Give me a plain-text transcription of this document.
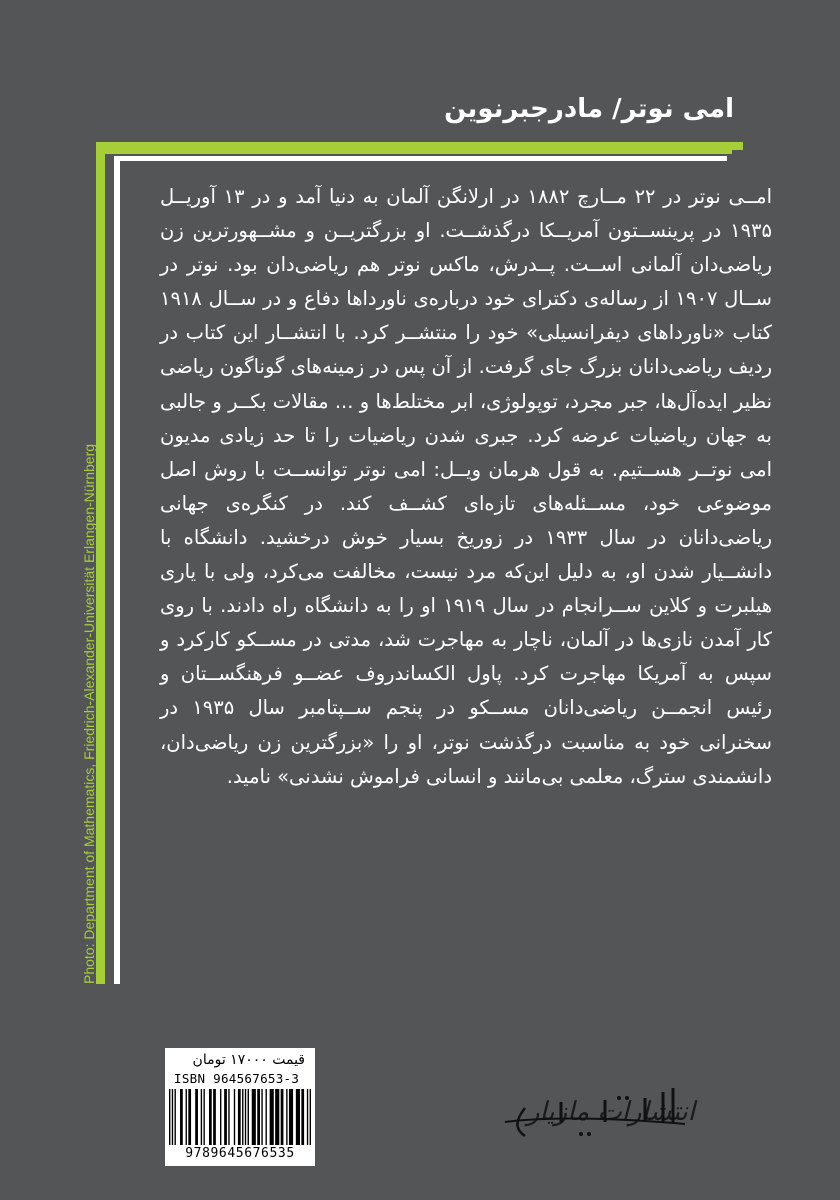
امی نوتر/ مادرجبرنوین

امــی نوتر در ۲۲ مــارچ ۱۸۸۲ در ارلانگن آلمان به دنیا آمد و در ۱۳ آوریــل ۱۹۳۵ در پرینســتون آمریــکا درگذشــت. او بزرگتریــن و مشــهورترین زن ریاضی‌دان آلمانی اســت. پــدرش، ماکس نوتر هم ریاضی‌دان بود. نوتر در ســال ۱۹۰۷ از رساله‌ی دکترای خود درباره‌ی ناورداها دفاع و در ســال ۱۹۱۸ کتاب «ناورداهای دیفرانسیلی» خود را منتشــر کرد. با انتشــار این کتاب در ردیف ریاضی‌دانان بزرگ جای گرفت. از آن پس در زمینه‌های گوناگون ریاضی نظیر ایده‌آل‌ها، جبر مجرد، توپولوژی، ابر مختلط‌ها و ... مقالات بکــر و جالبی به جهان ریاضیات عرضه کرد. جبری شدن ریاضیات را تا حد زیادی مدیون امی نوتــر هســتیم. به قول هرمان ویــل: امی نوتر توانســت با روش اصل موضوعی خود، مســئله‌های تازه‌ای کشــف کند. در کنگره‌ی جهانی ریاضی‌دانان در سال ۱۹۳۳ در زوریخ بسیار خوش درخشید. دانشگاه با دانشــیار شدن او، به دلیل این‌که مرد نیست، مخالفت می‌کرد، ولی با یاری هیلبرت و کلاین ســرانجام در سال ۱۹۱۹ او را به دانشگاه راه دادند. با روی کار آمدن نازی‌ها در آلمان، ناچار به مهاجرت شد، مدتی در مســکو کارکرد و سپس به آمریکا مهاجرت کرد. پاول الکساندروف عضــو فرهنگســتان و رئیس انجمــن ریاضی‌دانان مســکو در پنجم ســپتامبر سال ۱۹۳۵ در سخنرانی خود به مناسبت درگذشت نوتر، او را «بزرگترین زن ریاضی‌دان، دانشمندی سترگ، معلمی بی‌مانند و انسانی فراموش نشدنی» نامید.

Photo: Department of Mathematics, Friedrich-Alexander-Universität Erlangen-Nürnberg
قیمت ۱۷۰۰۰ تومان
ISBN 964567653-3
9789645676535
انتشارات مازیار
